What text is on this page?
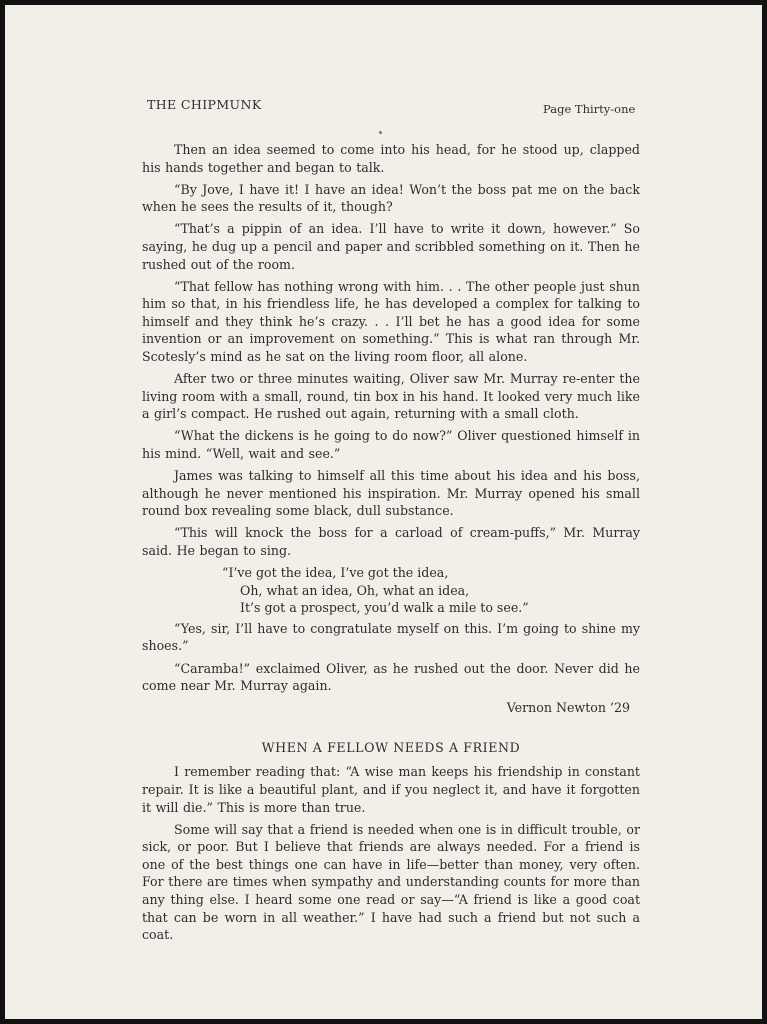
THE CHIPMUNK	Page Thirty-one

Then an idea seemed to come into his head, for he stood up, clapped his hands together and began to talk.

“By Jove, I have it! I have an idea! Won’t the boss pat me on the back when he sees the results of it, though?

“That’s a pippin of an idea. I’ll have to write it down, however.” So saying, he dug up a pencil and paper and scribbled something on it. Then he rushed out of the room.

“That fellow has nothing wrong with him. . . The other people just shun him so that, in his friendless life, he has developed a complex for talking to himself and they think he’s crazy. . . I’ll bet he has a good idea for some invention or an improvement on something.” This is what ran through Mr. Scotesly’s mind as he sat on the living room floor, all alone.

After two or three minutes waiting, Oliver saw Mr. Murray re-enter the living room with a small, round, tin box in his hand. It looked very much like a girl’s compact. He rushed out again, returning with a small cloth.

“What the dickens is he going to do now?” Oliver questioned himself in his mind. “Well, wait and see.”

James was talking to himself all this time about his idea and his boss, although he never mentioned his inspiration. Mr. Murray opened his small round box revealing some black, dull substance.

“This will knock the boss for a carload of cream-puffs,” Mr. Murray said. He began to sing.

“I’ve got the idea, I’ve got the idea,
Oh, what an idea, Oh, what an idea,
It’s got a prospect, you’d walk a mile to see.”

“Yes, sir, I’ll have to congratulate myself on this. I’m going to shine my shoes.”

“Caramba!” exclaimed Oliver, as he rushed out the door. Never did he come near Mr. Murray again.

Vernon Newton ’29
WHEN A FELLOW NEEDS A FRIEND

I remember reading that: “A wise man keeps his friendship in constant repair. It is like a beautiful plant, and if you neglect it, and have it forgotten it will die.” This is more than true.

Some will say that a friend is needed when one is in difficult trouble, or sick, or poor. But I believe that friends are always needed. For a friend is one of the best things one can have in life—better than money, very often. For there are times when sympathy and understanding counts for more than any thing else. I heard some one read or say—“A friend is like a good coat that can be worn in all weather.” I have had such a friend but not such a coat.
